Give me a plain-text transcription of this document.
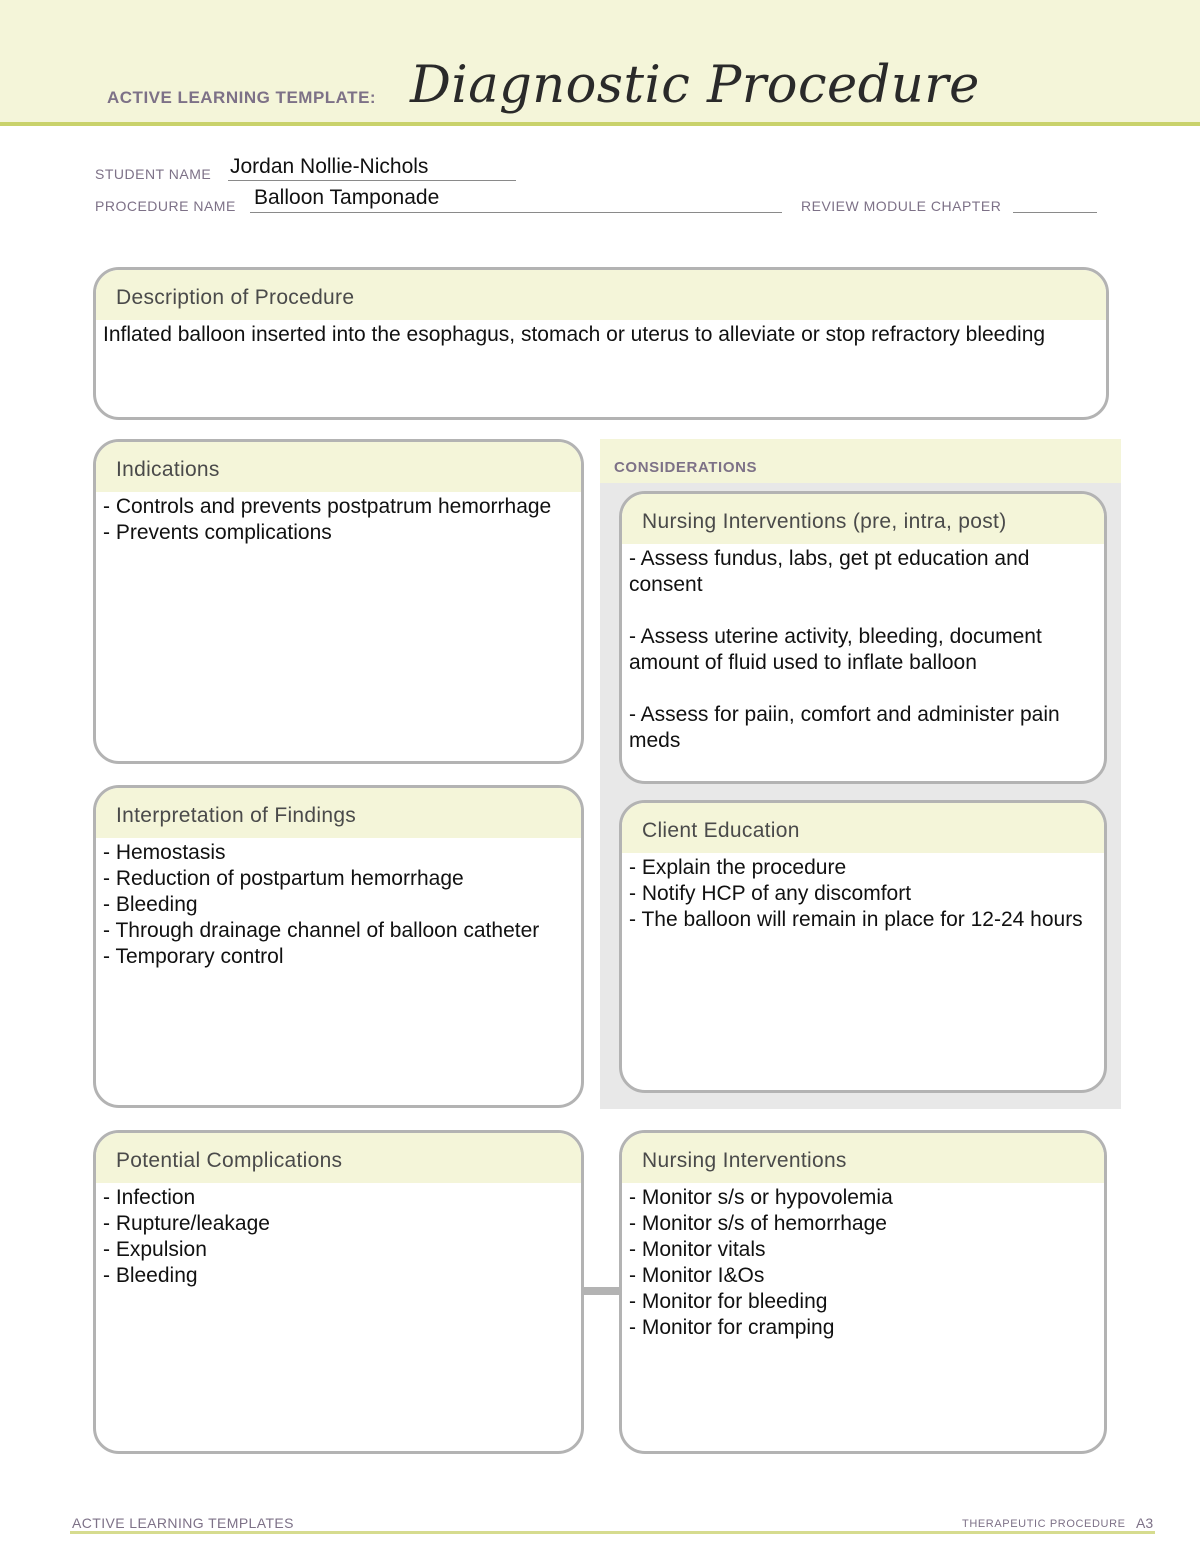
ACTIVE LEARNING TEMPLATE: Diagnostic Procedure
STUDENT NAME Jordan Nollie-Nichols
PROCEDURE NAME Balloon Tamponade	REVIEW MODULE CHAPTER
Description of Procedure
Inflated balloon inserted into the esophagus, stomach or uterus to alleviate or stop refractory bleeding
Indications
- Controls and prevents postpatrum hemorrhage
- Prevents complications
CONSIDERATIONS
Nursing Interventions (pre, intra, post)
- Assess fundus, labs, get pt education and consent
- Assess uterine activity, bleeding, document amount of fluid used to inflate balloon
- Assess for paiin, comfort and administer pain meds
Interpretation of Findings
- Hemostasis
- Reduction of postpartum hemorrhage
- Bleeding
- Through drainage channel of balloon catheter
- Temporary control
Client Education
- Explain the procedure
- Notify HCP of any discomfort
- The balloon will remain in place for 12-24 hours
Potential Complications
- Infection
- Rupture/leakage
- Expulsion
- Bleeding
Nursing Interventions
- Monitor s/s or hypovolemia
- Monitor s/s of hemorrhage
- Monitor vitals
- Monitor I&Os
- Monitor for bleeding
- Monitor for cramping
ACTIVE LEARNING TEMPLATES	THERAPEUTIC PROCEDURE A3
